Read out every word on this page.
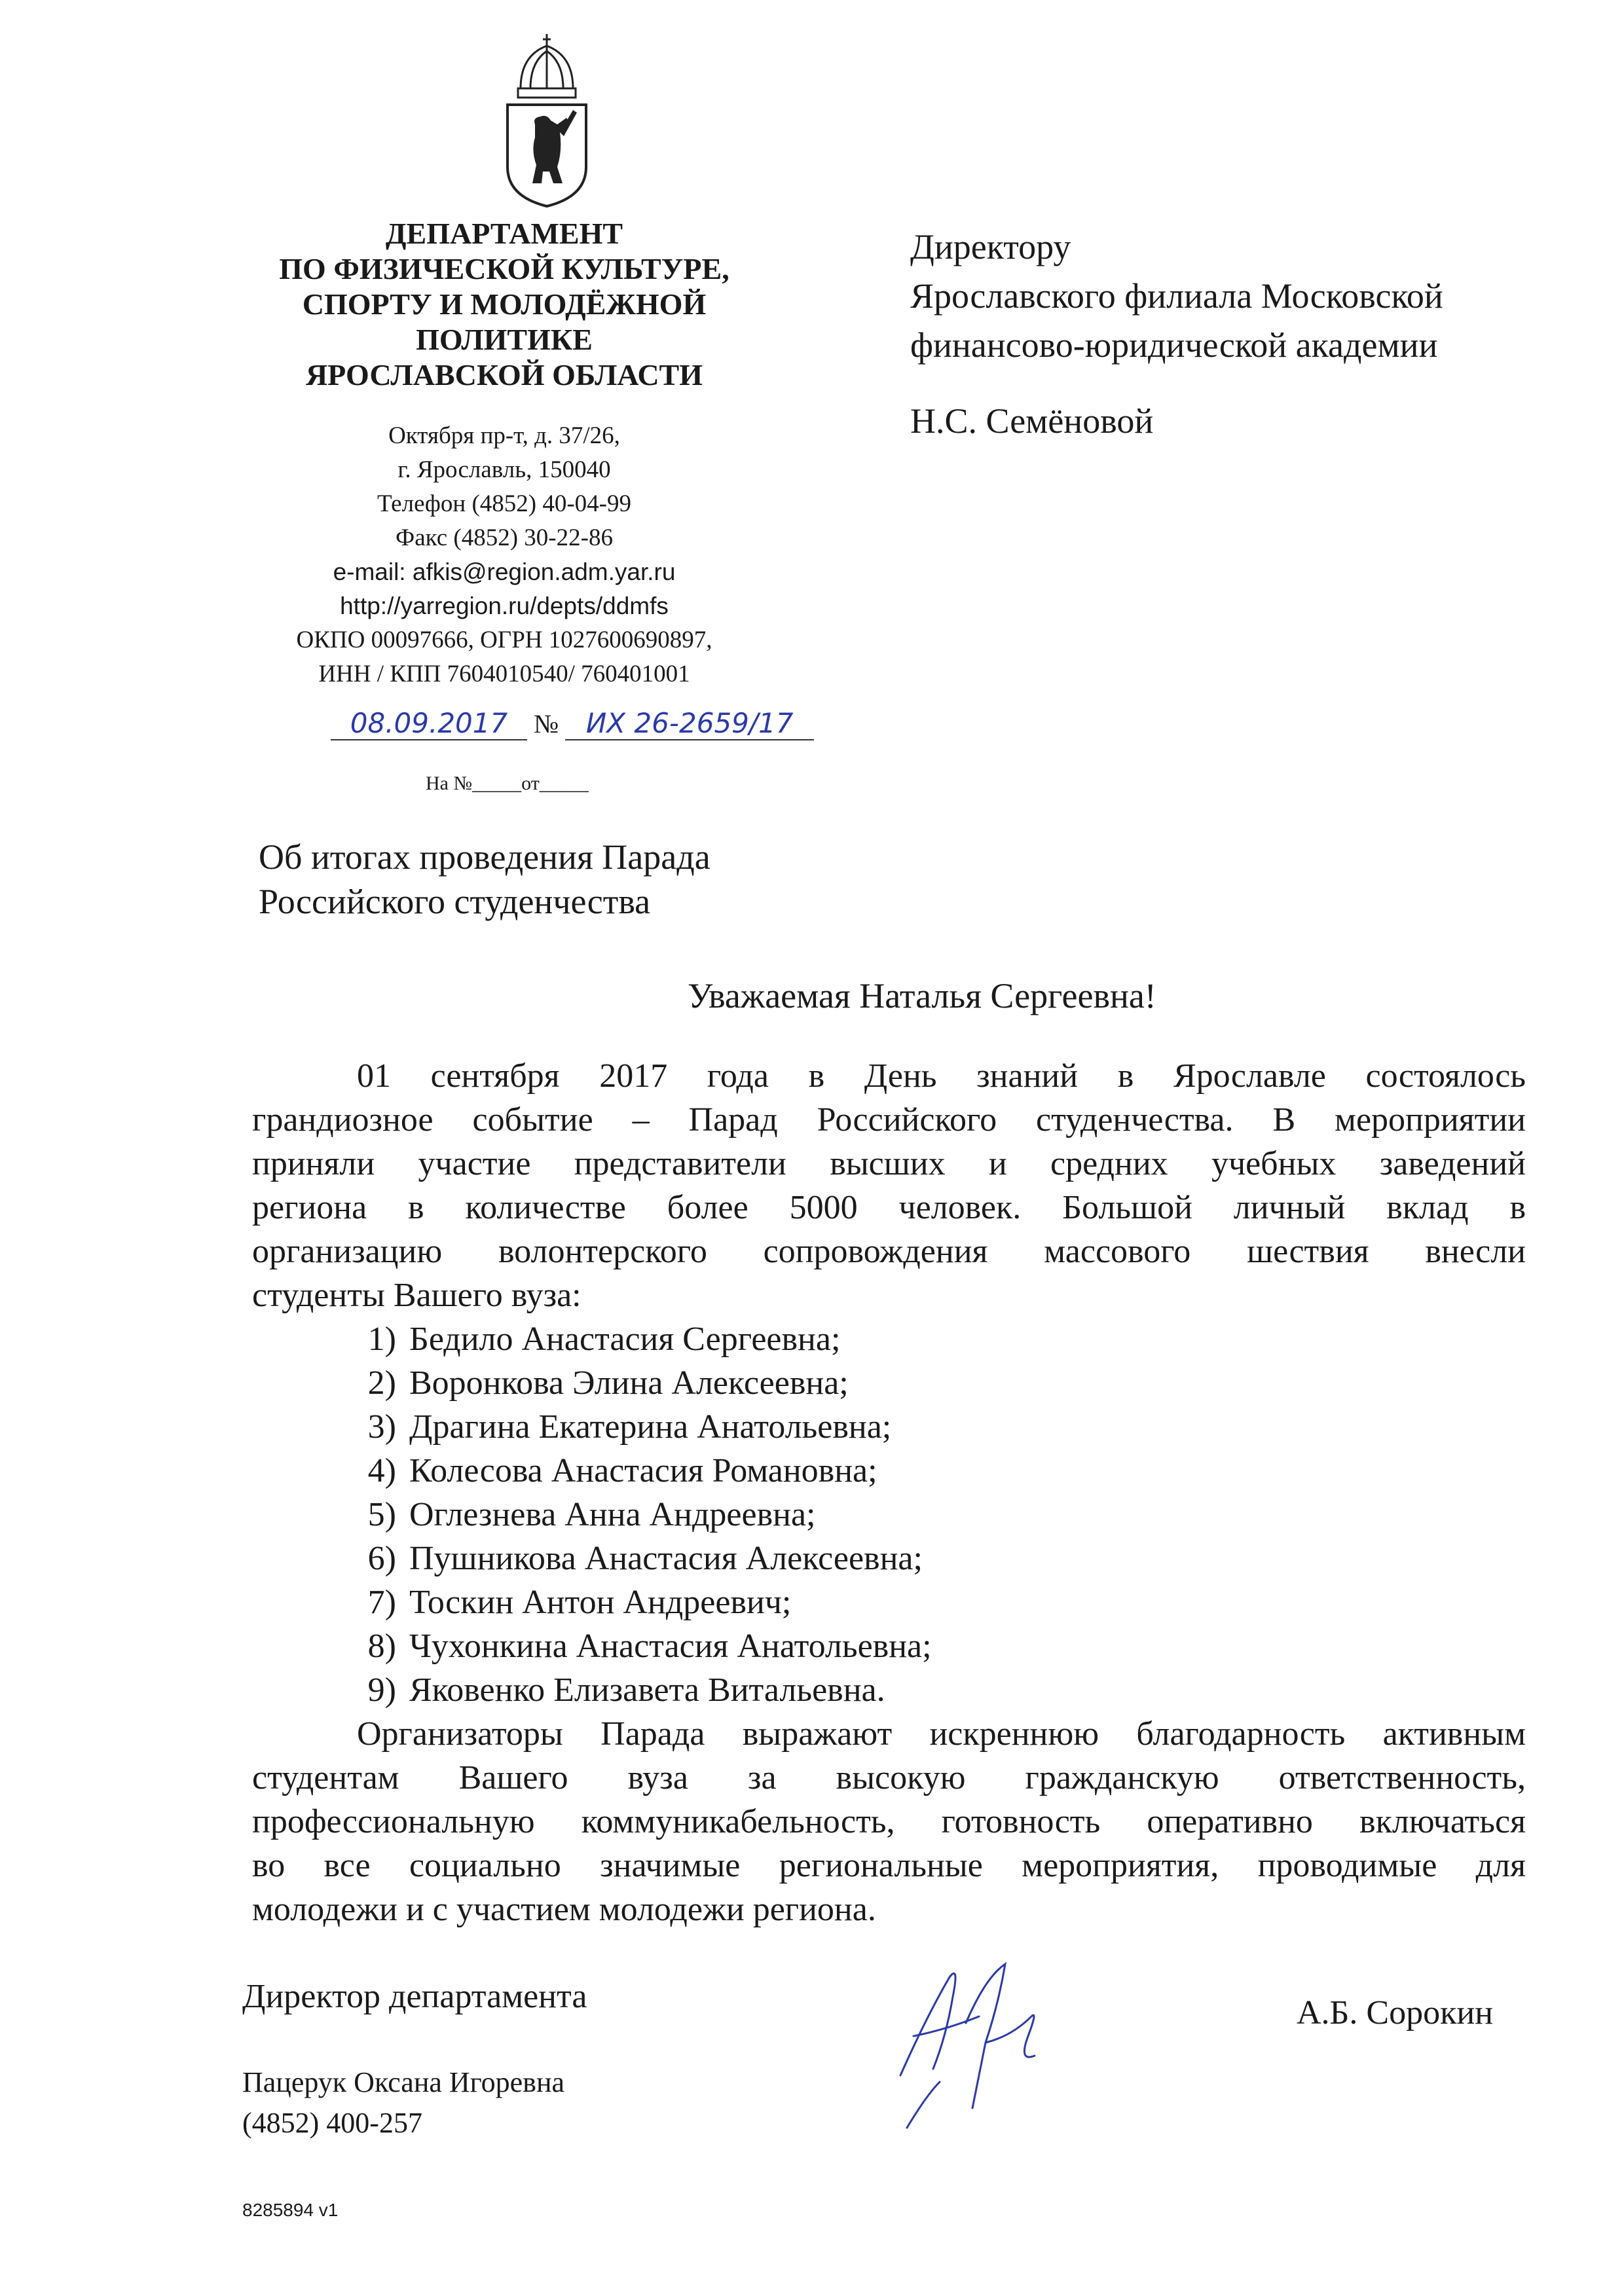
ДЕПАРТАМЕНТ
ПО ФИЗИЧЕСКОЙ КУЛЬТУРЕ,
СПОРТУ И МОЛОДЁЖНОЙ
ПОЛИТИКЕ
ЯРОСЛАВСКОЙ ОБЛАСТИ
Октября пр-т, д. 37/26,
г. Ярославль, 150040
Телефон (4852) 40-04-99
Факс (4852) 30-22-86
e-mail: afkis@region.adm.yar.ru
http://yarregion.ru/depts/ddmfs
ОКПО 00097666, ОГРН 1027600690897,
ИНН / КПП 7604010540/ 760401001
08.09.2017 № ИХ 26-2659/17
На №_____от_____
Директору
Ярославского филиала Московской
финансово-юридической академии
Н.С. Семёновой
Об итогах проведения Парада
Российского студенчества
Уважаемая Наталья Сергеевна!
01 сентября 2017 года в День знаний в Ярославле состоялось
грандиозное событие – Парад Российского студенчества. В мероприятии
приняли участие представители высших и средних учебных заведений
региона в количестве более 5000 человек. Большой личный вклад в
организацию волонтерского сопровождения массового шествия внесли
студенты Вашего вуза:
1) Бедило Анастасия Сергеевна;
2) Воронкова Элина Алексеевна;
3) Драгина Екатерина Анатольевна;
4) Колесова Анастасия Романовна;
5) Оглезнева Анна Андреевна;
6) Пушникова Анастасия Алексеевна;
7) Тоскин Антон Андреевич;
8) Чухонкина Анастасия Анатольевна;
9) Яковенко Елизавета Витальевна.
Организаторы Парада выражают искреннюю благодарность активным
студентам Вашего вуза за высокую гражданскую ответственность,
профессиональную коммуникабельность, готовность оперативно включаться
во все социально значимые региональные мероприятия, проводимые для
молодежи и с участием молодежи региона.
Директор департамента	А.Б. Сорокин
Пацерук Оксана Игоревна
(4852) 400-257
8285894 v1
